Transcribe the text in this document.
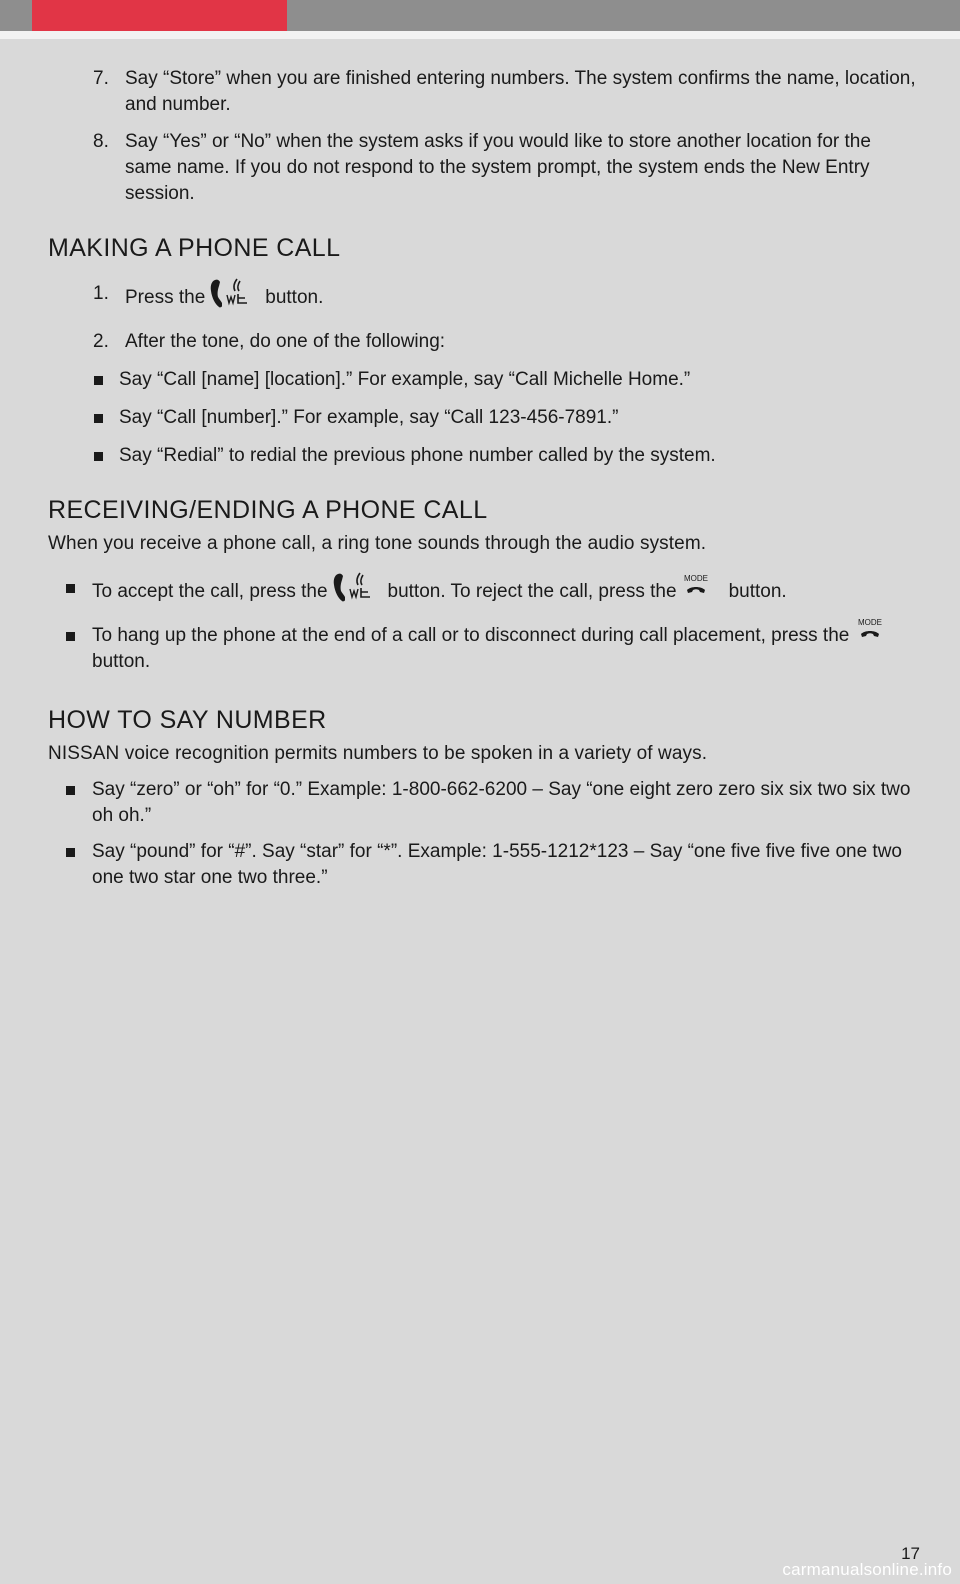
7. Say “Store” when you are finished entering numbers. The system confirms the name, location, and number.
8. Say “Yes” or “No” when the system asks if you would like to store another location for the same name. If you do not respond to the system prompt, the system ends the New Entry session.
MAKING A PHONE CALL
1. Press the	button.
2. After the tone, do one of the following:
Say “Call [name] [location].” For example, say “Call Michelle Home.”
Say “Call [number].” For example, say “Call 123-456-7891.”
Say “Redial” to redial the previous phone number called by the system.
RECEIVING/ENDING A PHONE CALL

When you receive a phone call, a ring tone sounds through the audio system.

To accept the call, press the	button. To reject the call, press the
MODE
button.
To hang up the phone at the end of a call or to disconnect during call placement, press the
MODE
button.
HOW TO SAY NUMBER

NISSAN voice recognition permits numbers to be spoken in a variety of ways.

Say “zero” or “oh” for “0.” Example: 1-800-662-6200 – Say “one eight zero zero six six two six two oh oh.”
Say “pound” for “#”. Say “star” for “*”. Example: 1-555-1212*123 – Say “one five five five one two one two star one two three.”
17
carmanualsonline.info
